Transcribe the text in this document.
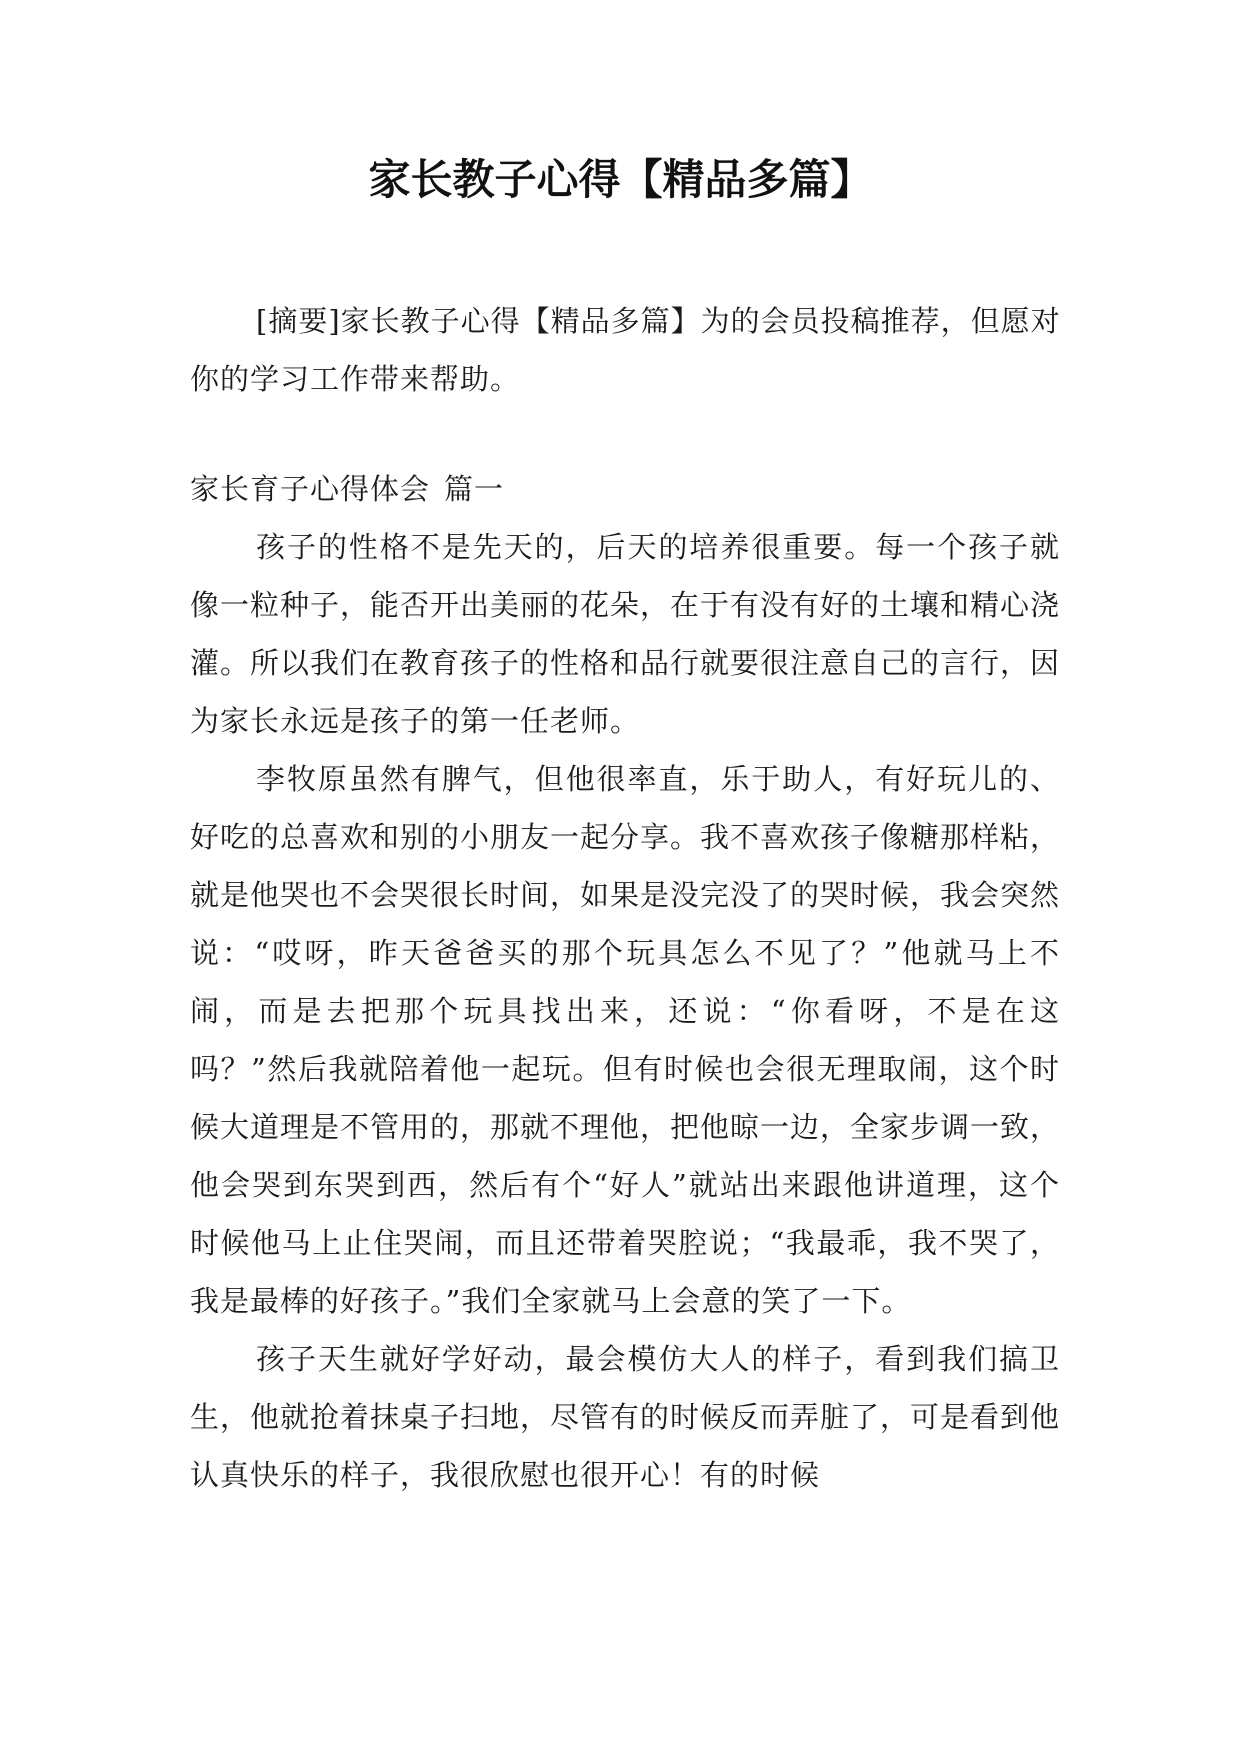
家长教子心得【精品多篇】

[摘要]家长教子心得【精品多篇】为的会员投稿推荐，但愿对你的学习工作带来帮助。

家长育子心得体会 篇一

孩子的性格不是先天的，后天的培养很重要。每一个孩子就像一粒种子，能否开出美丽的花朵，在于有没有好的土壤和精心浇灌。所以我们在教育孩子的性格和品行就要很注意自己的言行，因为家长永远是孩子的第一任老师。

李牧原虽然有脾气，但他很率直，乐于助人，有好玩儿的、好吃的总喜欢和别的小朋友一起分享。我不喜欢孩子像糖那样粘，就是他哭也不会哭很长时间，如果是没完没了的哭时候，我会突然说：“哎呀，昨天爸爸买的那个玩具怎么不见了？”他就马上不闹，而是去把那个玩具找出来，还说：“你看呀，不是在这吗？”然后我就陪着他一起玩。但有时候也会很无理取闹，这个时候大道理是不管用的，那就不理他，把他晾一边，全家步调一致，他会哭到东哭到西，然后有个“好人”就站出来跟他讲道理，这个时候他马上止住哭闹，而且还带着哭腔说；“我最乖，我不哭了，我是最棒的好孩子。”我们全家就马上会意的笑了一下。

孩子天生就好学好动，最会模仿大人的样子，看到我们搞卫生，他就抢着抹桌子扫地，尽管有的时候反而弄脏了，可是看到他认真快乐的样子，我很欣慰也很开心！有的时候
